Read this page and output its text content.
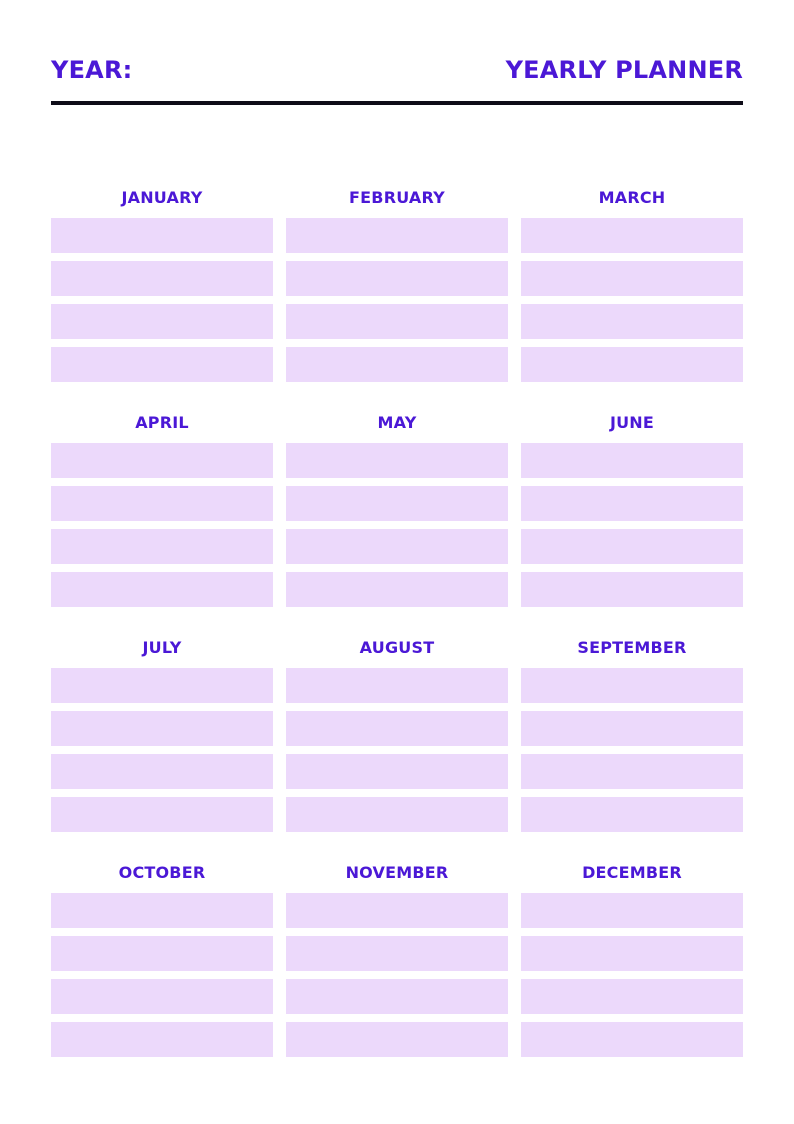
YEAR:	YEARLY PLANNER
JANUARY	FEBRUARY	MARCH
APRIL	MAY	JUNE
JULY	AUGUST	SEPTEMBER
OCTOBER	NOVEMBER	DECEMBER
